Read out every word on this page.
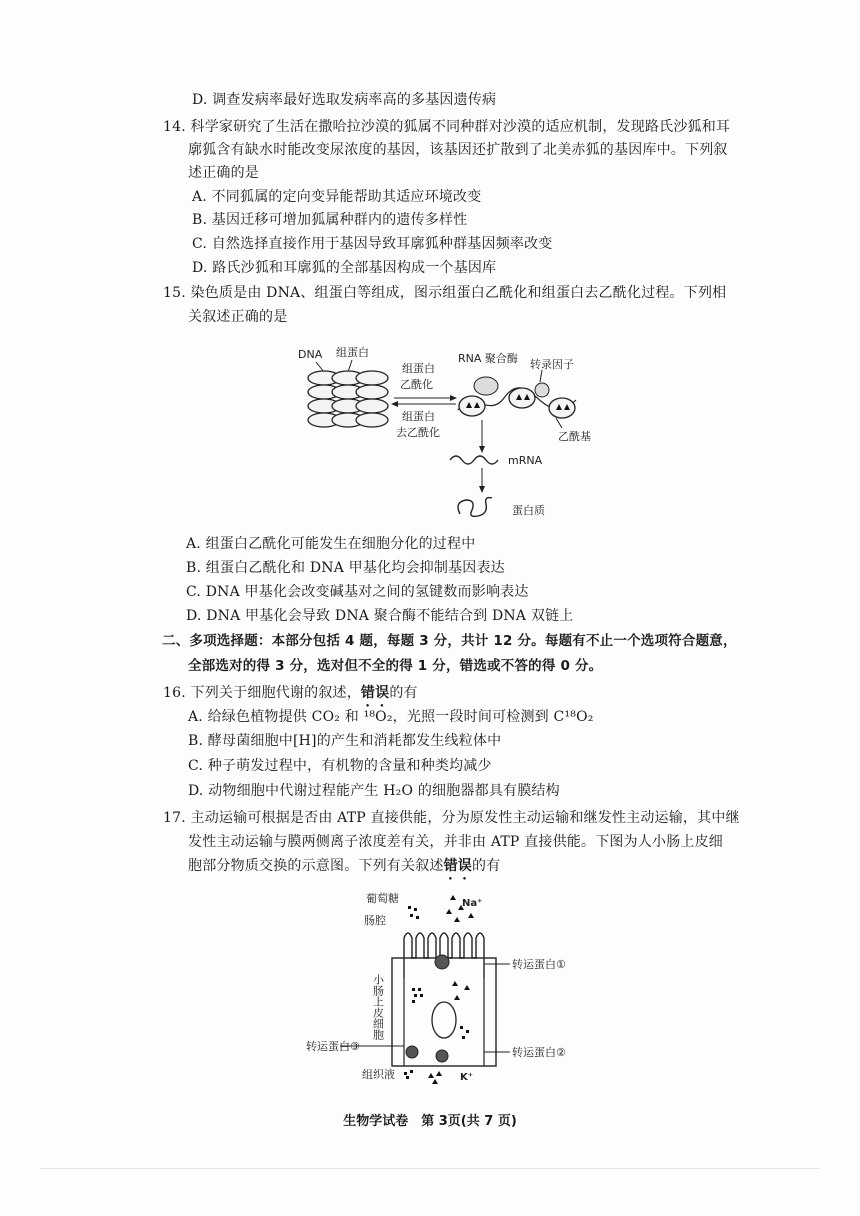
D. 调查发病率最好选取发病率高的多基因遗传病
14. 科学家研究了生活在撒哈拉沙漠的狐属不同种群对沙漠的适应机制，发现路氏沙狐和耳
廓狐含有缺水时能改变尿浓度的基因，该基因还扩散到了北美赤狐的基因库中。下列叙
述正确的是
A. 不同狐属的定向变异能帮助其适应环境改变
B. 基因迁移可增加狐属种群内的遗传多样性
C. 自然选择直接作用于基因导致耳廓狐种群基因频率改变
D. 路氏沙狐和耳廓狐的全部基因构成一个基因库
15. 染色质是由 DNA、组蛋白等组成，图示组蛋白乙酰化和组蛋白去乙酰化过程。下列相
关叙述正确的是
DNA 组蛋白
组蛋白
乙酰化
组蛋白
去乙酰化
RNA 聚合酶 转录因子
乙酰基
mRNA
蛋白质
A. 组蛋白乙酰化可能发生在细胞分化的过程中
B. 组蛋白乙酰化和 DNA 甲基化均会抑制基因表达
C. DNA 甲基化会改变碱基对之间的氢键数而影响表达
D. DNA 甲基化会导致 DNA 聚合酶不能结合到 DNA 双链上
二、多项选择题：本部分包括 4 题，每题 3 分，共计 12 分。每题有不止一个选项符合题意，
全部选对的得 3 分，选对但不全的得 1 分，错选或不答的得 0 分。
16. 下列关于细胞代谢的叙述，错误的有
A. 给绿色植物提供 CO₂ 和 ¹⁸O₂，光照一段时间可检测到 C¹⁸O₂
B. 酵母菌细胞中[H]的产生和消耗都发生线粒体中
C. 种子萌发过程中，有机物的含量和种类均减少
D. 动物细胞中代谢过程能产生 H₂O 的细胞器都具有膜结构
17. 主动运输可根据是否由 ATP 直接供能，分为原发性主动运输和继发性主动运输，其中继
发性主动运输与膜两侧离子浓度差有关，并非由 ATP 直接供能。下图为人小肠上皮细
胞部分物质交换的示意图。下列有关叙述错误的有
葡萄糖	Na⁺
肠腔
转运蛋白①
小肠上皮细胞
转运蛋白③	转运蛋白②
组织液	K⁺
生物学试卷　第 3页(共 7 页)
